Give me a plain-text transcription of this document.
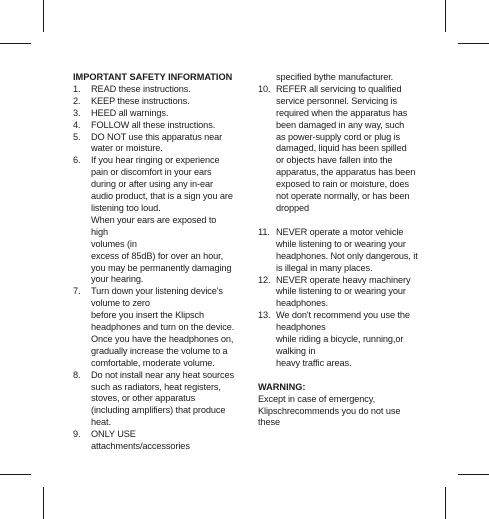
IMPORTANT SAFETY INFORMATION
1.	READ these instructions.
2.	KEEP these instructions.
3.	HEED all warnings.
4.	FOLLOW all these instructions.
5.	DO NOT use this apparatus near
water or moisture.
6.	If you hear ringing or experience
pain or discomfort in your ears
during or after using any in-ear
audio product, that is a sign you are
listening too loud.
When your ears are exposed to high
volumes (in
excess of 85dB) for over an hour,
you may be permanently damaging
your hearing.
7.	Turn down your listening device's
volume to zero
before you insert the Klipsch
headphones and turn on the device.
Once you have the headphones on,
gradually increase the volume to a
comfortable, moderate volume.
8.	Do not install near any heat sources
such as radiators, heat registers,
stoves, or other apparatus
(including amplifiers) that produce
heat.
9.	ONLY USE attachments/accessories
specified bythe manufacturer.
10. REFER all servicing to qualified
service personnel. Servicing is
required when the apparatus has
been damaged in any way, such
as power-supply cord or plug is
damaged, liquid has been spilled
or objects have fallen into the
apparatus, the apparatus has been
exposed to rain or moisture, does
not operate normally, or has been
dropped
11. NEVER operate a motor vehicle
while listening to or wearing your
headphones. Not only dangerous, it
is illegal in many places.
12. NEVER operate heavy machinery
while listening to or wearing your
headphones.
13. We don't recommend you use the
headphones
while riding a bicycle, running,or
walking in
heavy traffic areas.
WARNING:
Except in case of emergency, Klipschrecommends you do not use these
